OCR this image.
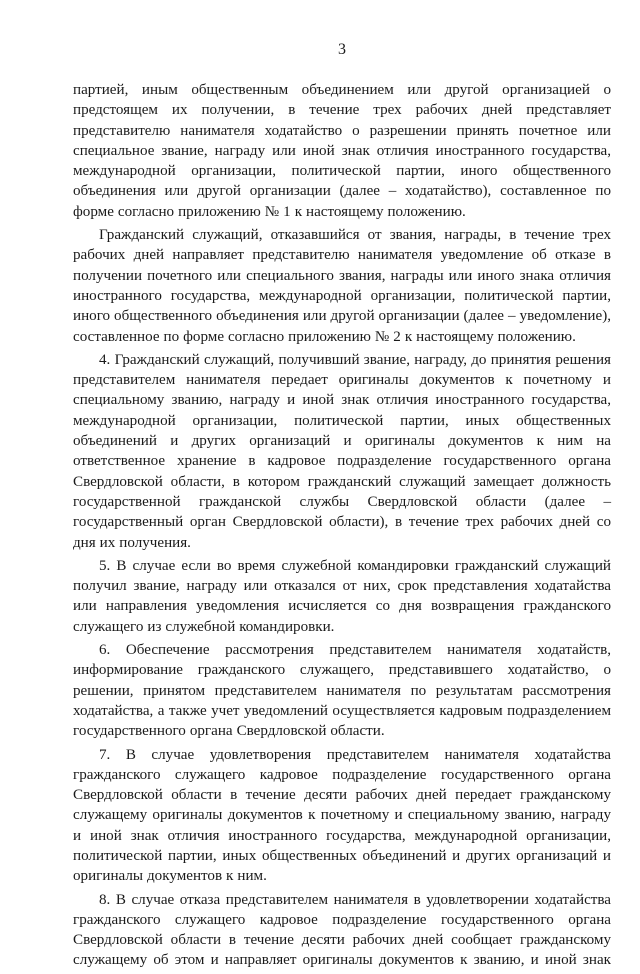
3

партией, иным общественным объединением или другой организацией о предстоящем их получении, в течение трех рабочих дней представляет представителю нанимателя ходатайство о разрешении принять почетное или специальное звание, награду или иной знак отличия иностранного государства, международной организации, политической партии, иного общественного объединения или другой организации (далее – ходатайство), составленное по форме согласно приложению № 1 к настоящему положению.

Гражданский служащий, отказавшийся от звания, награды, в течение трех рабочих дней направляет представителю нанимателя уведомление об отказе в получении почетного или специального звания, награды или иного знака отличия иностранного государства, международной организации, политической партии, иного общественного объединения или другой организации (далее – уведомление), составленное по форме согласно приложению № 2 к настоящему положению.

4. Гражданский служащий, получивший звание, награду, до принятия решения представителем нанимателя передает оригиналы документов к почетному и специальному званию, награду и иной знак отличия иностранного государства, международной организации, политической партии, иных общественных объединений и других организаций и оригиналы документов к ним на ответственное хранение в кадровое подразделение государственного органа Свердловской области, в котором гражданский служащий замещает должность государственной гражданской службы Свердловской области (далее – государственный орган Свердловской области), в течение трех рабочих дней со дня их получения.

5. В случае если во время служебной командировки гражданский служащий получил звание, награду или отказался от них, срок представления ходатайства или направления уведомления исчисляется со дня возвращения гражданского служащего из служебной командировки.

6. Обеспечение рассмотрения представителем нанимателя ходатайств, информирование гражданского служащего, представившего ходатайство, о решении, принятом представителем нанимателя по результатам рассмотрения ходатайства, а также учет уведомлений осуществляется кадровым подразделением государственного органа Свердловской области.

7. В случае удовлетворения представителем нанимателя ходатайства гражданского служащего кадровое подразделение государственного органа Свердловской области в течение десяти рабочих дней передает гражданскому служащему оригиналы документов к почетному и специальному званию, награду и иной знак отличия иностранного государства, международной организации, политической партии, иных общественных объединений и других организаций и оригиналы документов к ним.

8. В случае отказа представителем нанимателя в удовлетворении ходатайства гражданского служащего кадровое подразделение государственного органа Свердловской области в течение десяти рабочих дней сообщает гражданскому служащему об этом и направляет оригиналы документов к званию, и иной знак
